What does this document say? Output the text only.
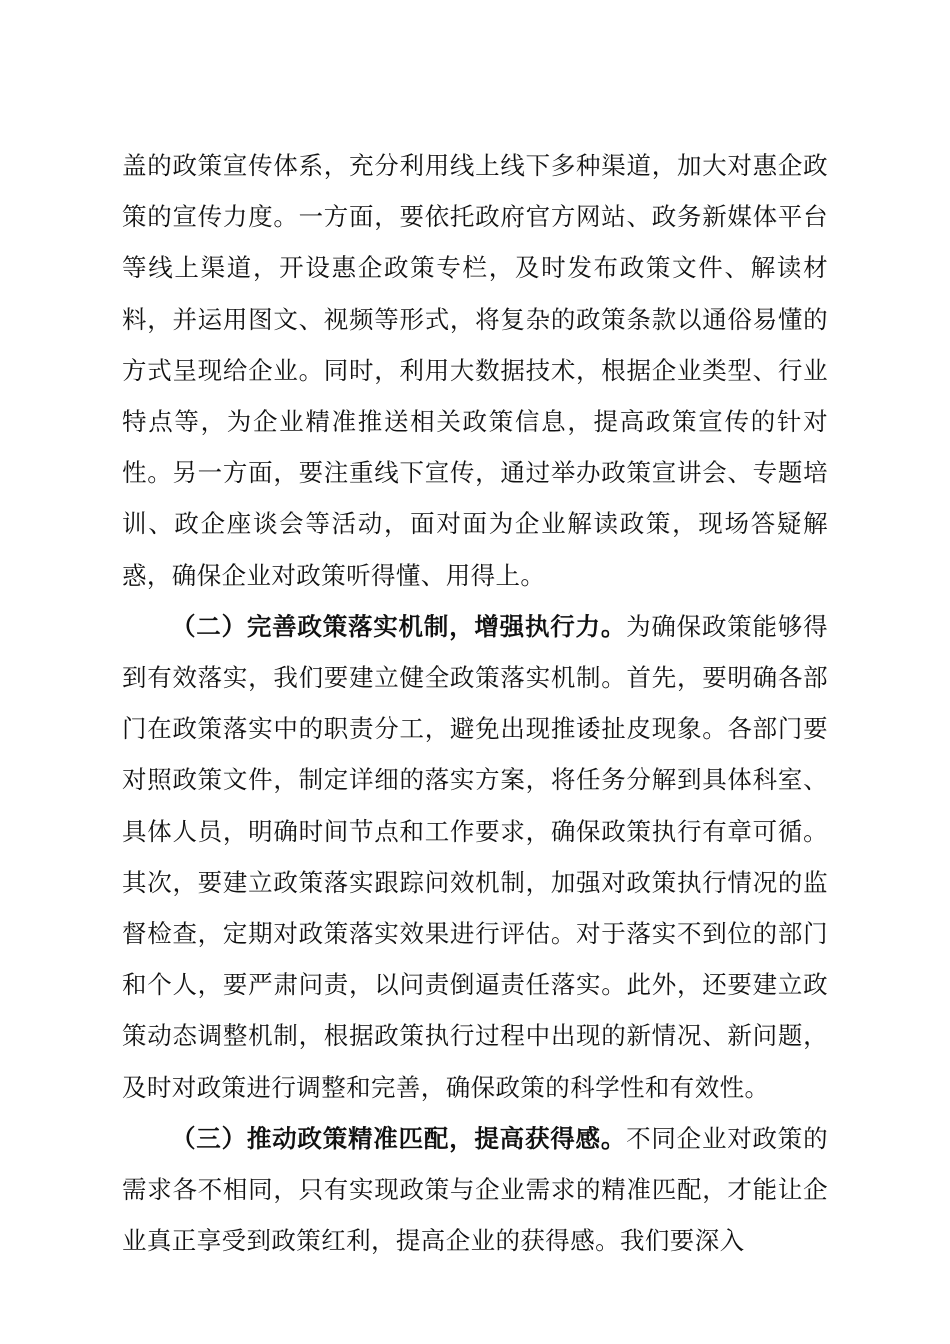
盖的政策宣传体系，充分利用线上线下多种渠道，加大对惠企政策的宣传力度。一方面，要依托政府官方网站、政务新媒体平台等线上渠道，开设惠企政策专栏，及时发布政策文件、解读材料，并运用图文、视频等形式，将复杂的政策条款以通俗易懂的方式呈现给企业。同时，利用大数据技术，根据企业类型、行业特点等，为企业精准推送相关政策信息，提高政策宣传的针对性。另一方面，要注重线下宣传，通过举办政策宣讲会、专题培训、政企座谈会等活动，面对面为企业解读政策，现场答疑解惑，确保企业对政策听得懂、用得上。

（二）完善政策落实机制，增强执行力。为确保政策能够得到有效落实，我们要建立健全政策落实机制。首先，要明确各部门在政策落实中的职责分工，避免出现推诿扯皮现象。各部门要对照政策文件，制定详细的落实方案，将任务分解到具体科室、具体人员，明确时间节点和工作要求，确保政策执行有章可循。其次，要建立政策落实跟踪问效机制，加强对政策执行情况的监督检查，定期对政策落实效果进行评估。对于落实不到位的部门和个人，要严肃问责，以问责倒逼责任落实。此外，还要建立政策动态调整机制，根据政策执行过程中出现的新情况、新问题，及时对政策进行调整和完善，确保政策的科学性和有效性。

（三）推动政策精准匹配，提高获得感。不同企业对政策的需求各不相同，只有实现政策与企业需求的精准匹配，才能让企业真正享受到政策红利，提高企业的获得感。我们要深入
